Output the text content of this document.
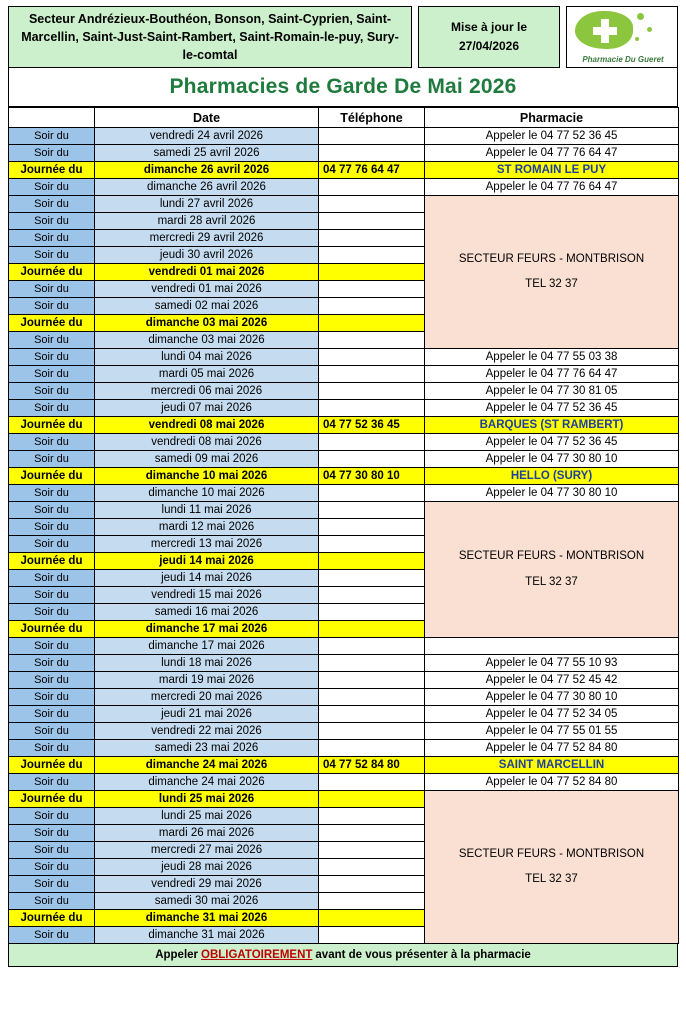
Secteur Andrézieux-Bouthéon, Bonson, Saint-Cyprien, Saint-Marcellin, Saint-Just-Saint-Rambert, Saint-Romain-le-puy, Sury-le-comtal
Mise à jour le
27/04/2026
Pharmacie Du Gueret
Pharmacies de Garde De Mai 2026
	Date	Téléphone	Pharmacie
Soir du	vendredi 24 avril 2026		Appeler le 04 77 52 36 45
Soir du	samedi 25 avril 2026		Appeler le 04 77 76 64 47
Journée du	dimanche 26 avril 2026	04 77 76 64 47	ST ROMAIN LE PUY
Soir du	dimanche 26 avril 2026		Appeler le 04 77 76 64 47
Soir du	lundi 27 avril 2026		SECTEUR FEURS - MONTBRISON
TEL 32 37

Soir du	mardi 28 avril 2026		
Soir du	mercredi 29 avril 2026		
Soir du	jeudi 30 avril 2026		
Journée du	vendredi 01 mai 2026		
Soir du	vendredi 01 mai 2026		
Soir du	samedi 02 mai 2026		
Journée du	dimanche 03 mai 2026		
Soir du	dimanche 03 mai 2026		
Soir du	lundi 04 mai 2026		Appeler le 04 77 55 03 38
Soir du	mardi 05 mai 2026		Appeler le 04 77 76 64 47
Soir du	mercredi 06 mai 2026		Appeler le 04 77 30 81 05
Soir du	jeudi 07 mai 2026		Appeler le 04 77 52 36 45
Journée du	vendredi 08 mai 2026	04 77 52 36 45	BARQUES (ST RAMBERT)
Soir du	vendredi 08 mai 2026		Appeler le 04 77 52 36 45
Soir du	samedi 09 mai 2026		Appeler le 04 77 30 80 10
Journée du	dimanche 10 mai 2026	04 77 30 80 10	HELLO (SURY)
Soir du	dimanche 10 mai 2026		Appeler le 04 77 30 80 10
Soir du	lundi 11 mai 2026		SECTEUR FEURS - MONTBRISON
TEL 32 37

Soir du	mardi 12 mai 2026		
Soir du	mercredi 13 mai 2026		
Journée du	jeudi 14 mai 2026		
Soir du	jeudi 14 mai 2026		
Soir du	vendredi 15 mai 2026		
Soir du	samedi 16 mai 2026		
Journée du	dimanche 17 mai 2026		
Soir du	dimanche 17 mai 2026		
Soir du	lundi 18 mai 2026		Appeler le 04 77 55 10 93
Soir du	mardi 19 mai 2026		Appeler le 04 77 52 45 42
Soir du	mercredi 20 mai 2026		Appeler le 04 77 30 80 10
Soir du	jeudi 21 mai 2026		Appeler le 04 77 52 34 05
Soir du	vendredi 22 mai 2026		Appeler le 04 77 55 01 55
Soir du	samedi 23 mai 2026		Appeler le 04 77 52 84 80
Journée du	dimanche 24 mai 2026	04 77 52 84 80	SAINT MARCELLIN
Soir du	dimanche 24 mai 2026		Appeler le 04 77 52 84 80
Journée du	lundi 25 mai 2026		SECTEUR FEURS - MONTBRISON
TEL 32 37

Soir du	lundi 25 mai 2026		
Soir du	mardi 26 mai 2026		
Soir du	mercredi 27 mai 2026		
Soir du	jeudi 28 mai 2026		
Soir du	vendredi 29 mai 2026		
Soir du	samedi 30 mai 2026		
Journée du	dimanche 31 mai 2026		
Soir du	dimanche 31 mai 2026		
Appeler OBLIGATOIREMENT avant de vous présenter à la pharmacie
